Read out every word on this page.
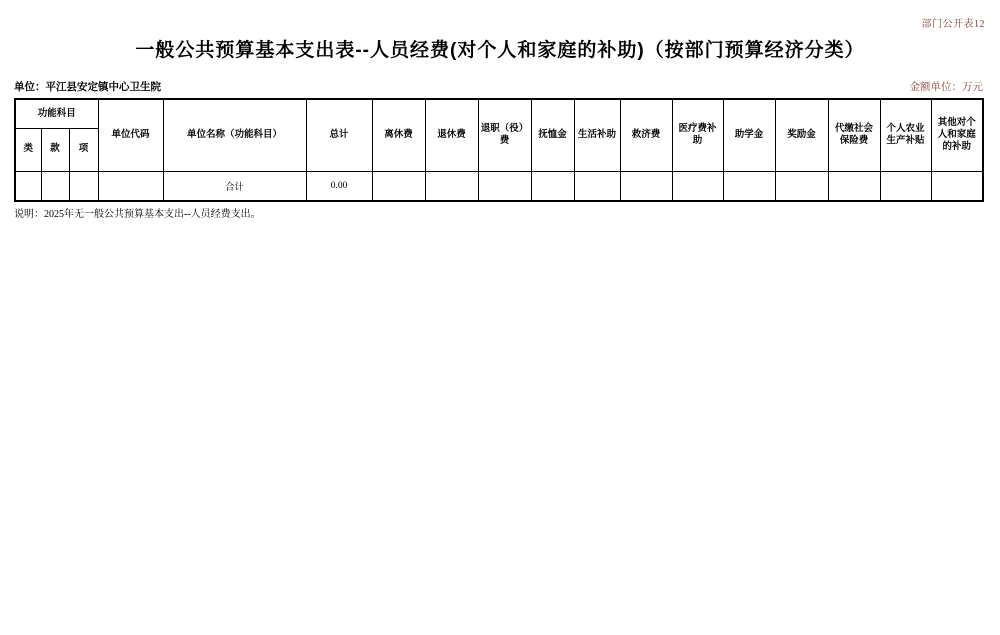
部门公开表12
一般公共预算基本支出表--人员经费(对个人和家庭的补助)（按部门预算经济分类）
单位：平江县安定镇中心卫生院	金额单位：万元
功能科目			单位代码	单位名称（功能科目）	总计	离休费	退休费	退职（役）费	抚恤金	生活补助	救济费	医疗费补助	助学金	奖励金	代缴社会保险费	个人农业生产补贴	其他对个人和家庭的补助
类	款	项															
				合计	0.00												
说明：2025年无一般公共预算基本支出--人员经费支出。
